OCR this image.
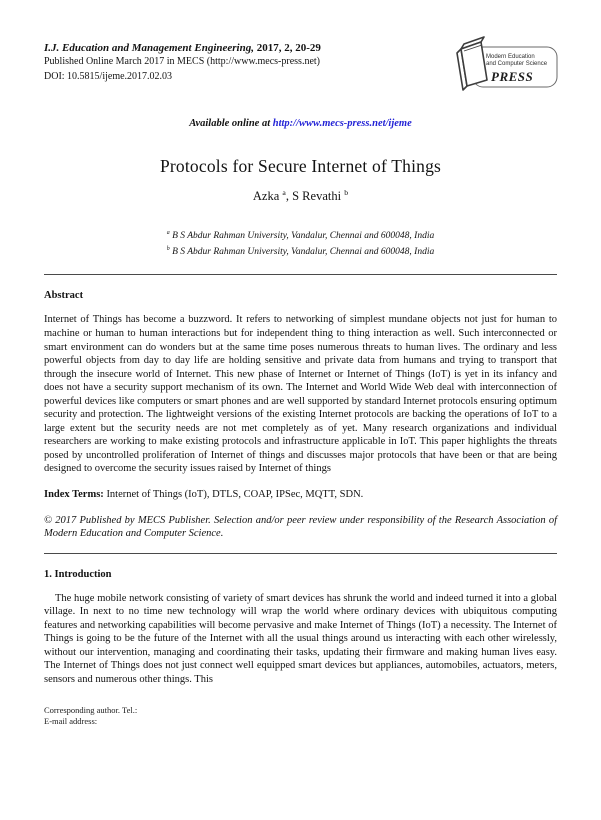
I.J. Education and Management Engineering, 2017, 2, 20-29
Published Online March 2017 in MECS (http://www.mecs-press.net)
DOI: 10.5815/ijeme.2017.02.03
Modern Education
and Computer Science
PRESS
Available online at http://www.mecs-press.net/ijeme
Protocols for Secure Internet of Things
Azka $^a$, S Revathi $^b$
$^a$ B S Abdur Rahman University, Vandalur, Chennai and 600048, India
$^b$ B S Abdur Rahman University, Vandalur, Chennai and 600048, India
Abstract

Internet of Things has become a buzzword. It refers to networking of simplest mundane objects not just for human to machine or human to human interactions but for independent thing to thing interaction as well. Such interconnected or smart environment can do wonders but at the same time poses numerous threats to human lives. The ordinary and less powerful objects from day to day life are holding sensitive and private data from humans and trying to transport that through the insecure world of Internet. This new phase of Internet or Internet of Things (IoT) is yet in its infancy and does not have a security support mechanism of its own. The Internet and World Wide Web deal with interconnection of powerful devices like computers or smart phones and are well supported by standard Internet protocols ensuring optimum security and protection. The lightweight versions of the existing Internet protocols are backing the operations of IoT to a large extent but the security needs are not met completely as of yet. Many research organizations and individual researchers are working to make existing protocols and infrastructure applicable in IoT. This paper highlights the threats posed by uncontrolled proliferation of Internet of things and discusses major protocols that have been or that are being designed to overcome the security issues raised by Internet of things

Index Terms: Internet of Things (IoT), DTLS, COAP, IPSec, MQTT, SDN.

© 2017 Published by MECS Publisher. Selection and/or peer review under responsibility of the Research Association of Modern Education and Computer Science.

1. Introduction

The huge mobile network consisting of variety of smart devices has shrunk the world and indeed turned it into a global village. In next to no time new technology will wrap the world where ordinary devices with ubiquitous computing features and networking capabilities will become pervasive and make Internet of Things (IoT) a necessity. The Internet of Things is going to be the future of the Internet with all the usual things around us interacting with each other wirelessly, without our intervention, managing and coordinating their tasks, updating their firmware and making human lives easy. The Internet of Things does not just connect well equipped smart devices but appliances, automobiles, actuators, meters, sensors and numerous other things. This

Corresponding author. Tel.:
E-mail address:
